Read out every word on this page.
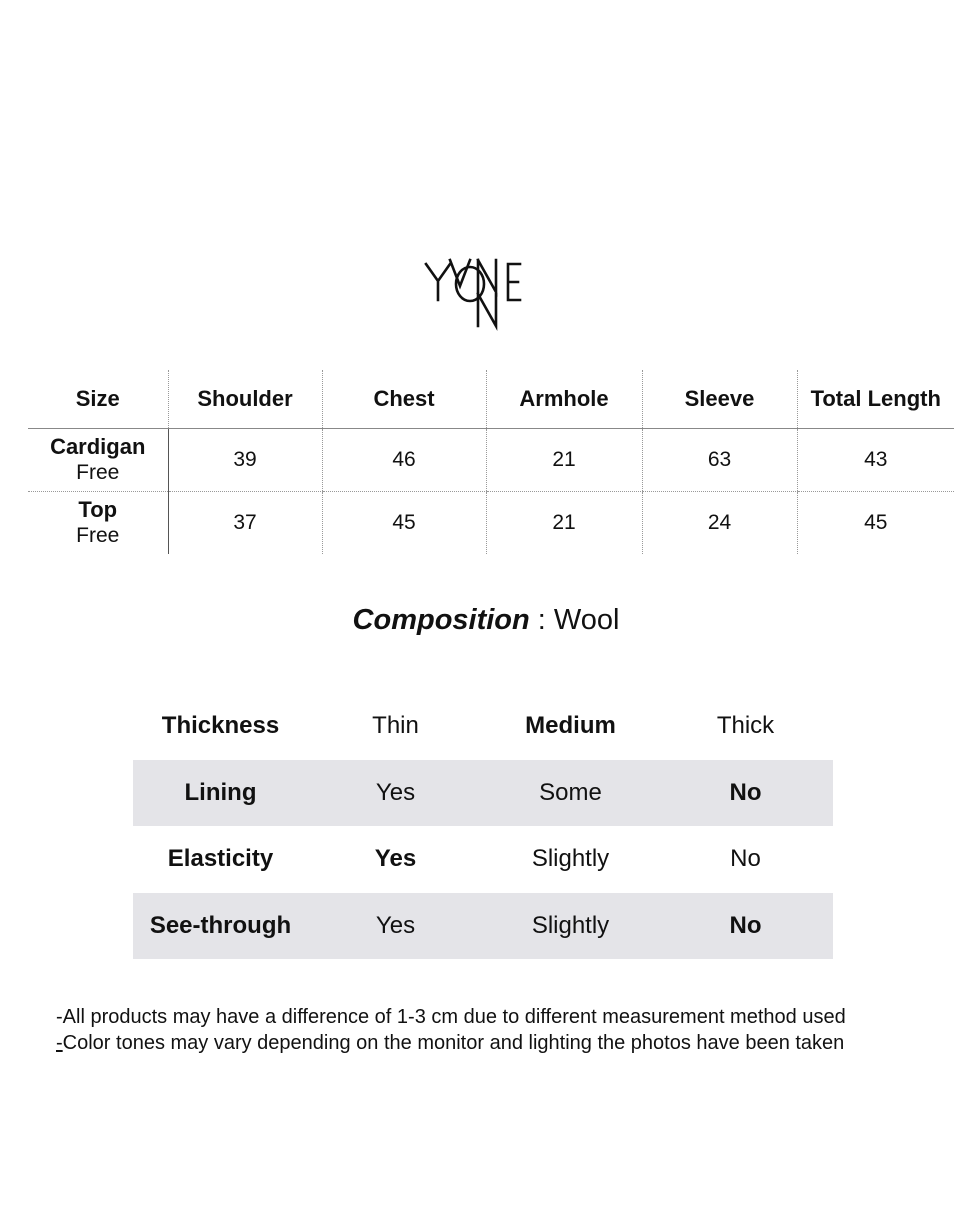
Size	Shoulder	Chest	Armhole	Sleeve	Total Length

Cardigan
Free	39	46	21	63	43

Top
Free	37	45	21	24	45
Composition : Wool
Thickness	Thin	Medium	Thick
Lining	Yes	Some	No
Elasticity	Yes	Slightly	No
See-through	Yes	Slightly	No
-All products may have a difference of 1-3 cm due to different measurement method used
-Color tones may vary depending on the monitor and lighting the photos have been taken
